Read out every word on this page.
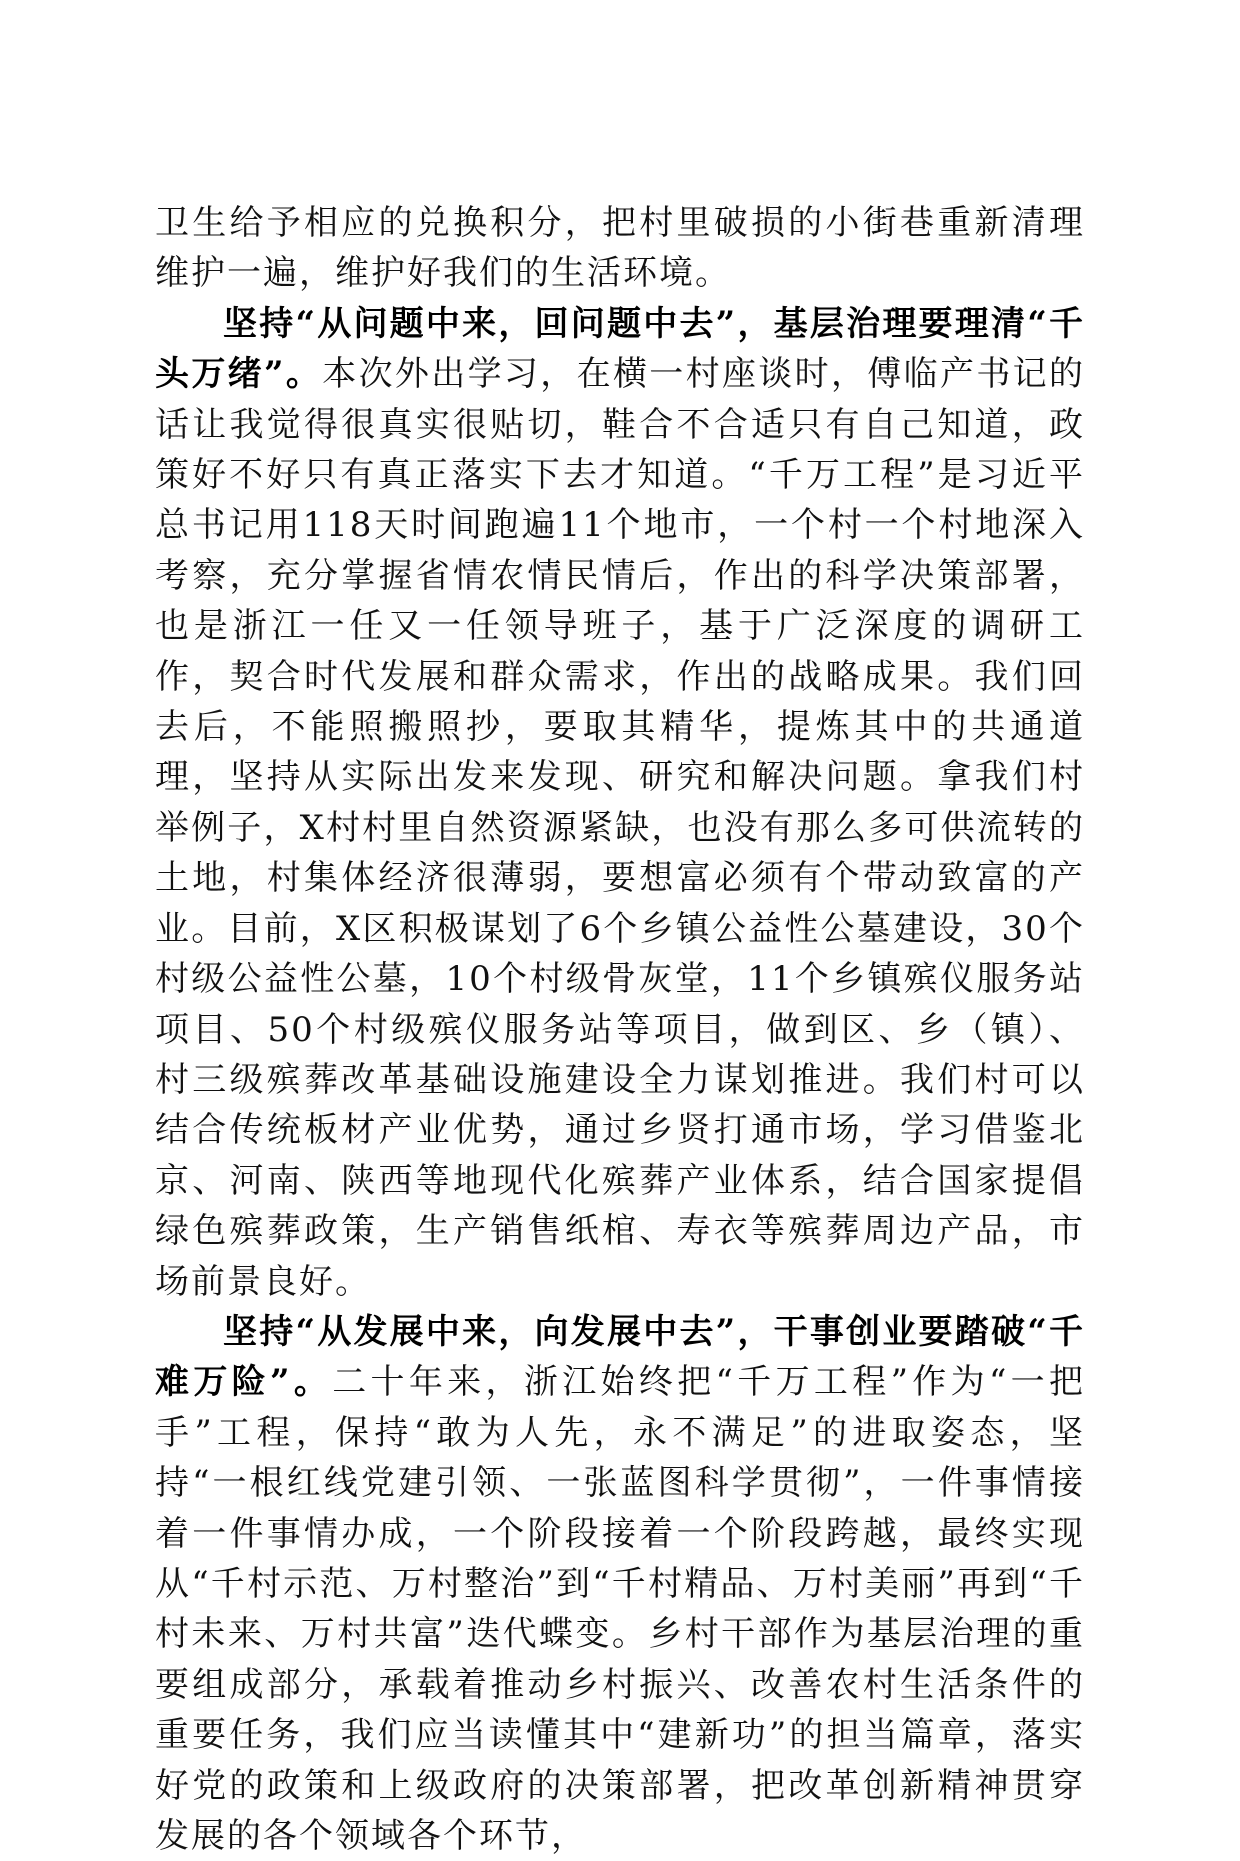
卫生给予相应的兑换积分，把村里破损的小街巷重新清理维护一遍，维护好我们的生活环境。

坚持“从问题中来，回问题中去”，基层治理要理清“千头万绪”。本次外出学习，在横一村座谈时，傅临产书记的话让我觉得很真实很贴切，鞋合不合适只有自己知道，政策好不好只有真正落实下去才知道。“千万工程”是习近平总书记用118天时间跑遍11个地市，一个村一个村地深入考察，充分掌握省情农情民情后，作出的科学决策部署，也是浙江一任又一任领导班子，基于广泛深度的调研工作，契合时代发展和群众需求，作出的战略成果。我们回去后，不能照搬照抄，要取其精华，提炼其中的共通道理，坚持从实际出发来发现、研究和解决问题。拿我们村举例子，X村村里自然资源紧缺，也没有那么多可供流转的土地，村集体经济很薄弱，要想富必须有个带动致富的产业。目前，X区积极谋划了6个乡镇公益性公墓建设，30个村级公益性公墓，10个村级骨灰堂，11个乡镇殡仪服务站项目、50个村级殡仪服务站等项目，做到区、乡（镇）、村三级殡葬改革基础设施建设全力谋划推进。我们村可以结合传统板材产业优势，通过乡贤打通市场，学习借鉴北京、河南、陕西等地现代化殡葬产业体系，结合国家提倡绿色殡葬政策，生产销售纸棺、寿衣等殡葬周边产品，市场前景良好。

坚持“从发展中来，向发展中去”，干事创业要踏破“千难万险”。二十年来，浙江始终把“千万工程”作为“一把手”工程，保持“敢为人先，永不满足”的进取姿态，坚持“一根红线党建引领、一张蓝图科学贯彻”，一件事情接着一件事情办成，一个阶段接着一个阶段跨越，最终实现从“千村示范、万村整治”到“千村精品、万村美丽”再到“千村未来、万村共富”迭代蝶变。乡村干部作为基层治理的重要组成部分，承载着推动乡村振兴、改善农村生活条件的重要任务，我们应当读懂其中“建新功”的担当篇章，落实好党的政策和上级政府的决策部署，把改革创新精神贯穿发展的各个领域各个环节，
